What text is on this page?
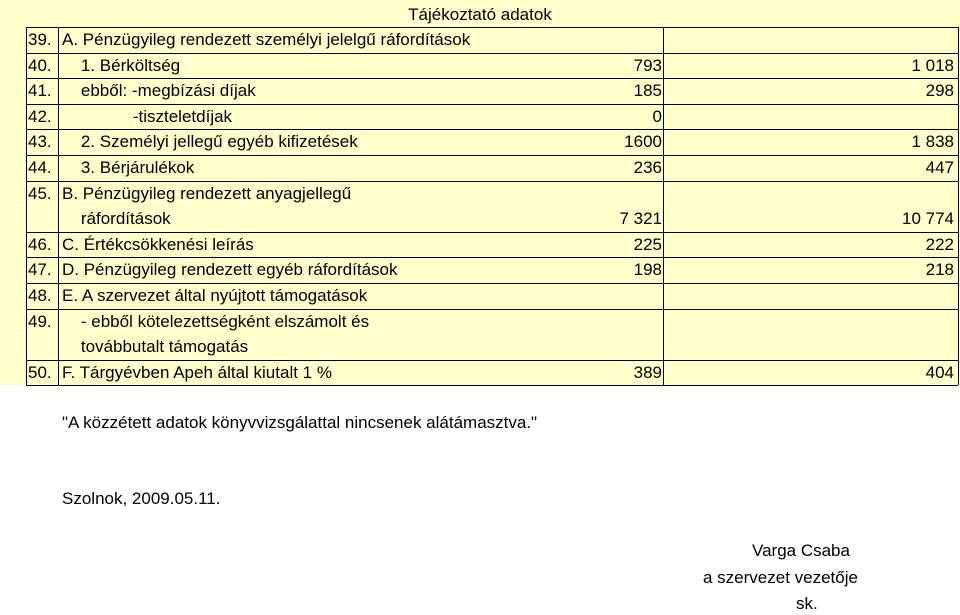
Tájékoztató adatok
39. A. Pénzügyileg rendezett személyi jelelgű ráfordítások
40. 1. Bérköltség	793	1 018
41. ebből: -megbízási díjak	185	298
42. -tiszteletdíjak	0
43. 2. Személyi jellegű egyéb kifizetések	1600	1 838
44. 3. Bérjárulékok	236	447
45. B. Pénzügyileg rendezett anyagjellegű
ráfordítások	7 321	10 774
46. C. Értékcsökkenési leírás	225	222
47. D. Pénzügyileg rendezett egyéb ráfordítások	198	218
48. E. A szervezet által nyújtott támogatások
49. - ebből kötelezettségként elszámolt és
továbbutalt támogatás
50. F. Tárgyévben Apeh által kiutalt 1 %	389	404
"A közzétett adatok könyvvizsgálattal nincsenek alátámasztva."
Szolnok, 2009.05.11.
Varga Csaba
a szervezet vezetője
sk.
